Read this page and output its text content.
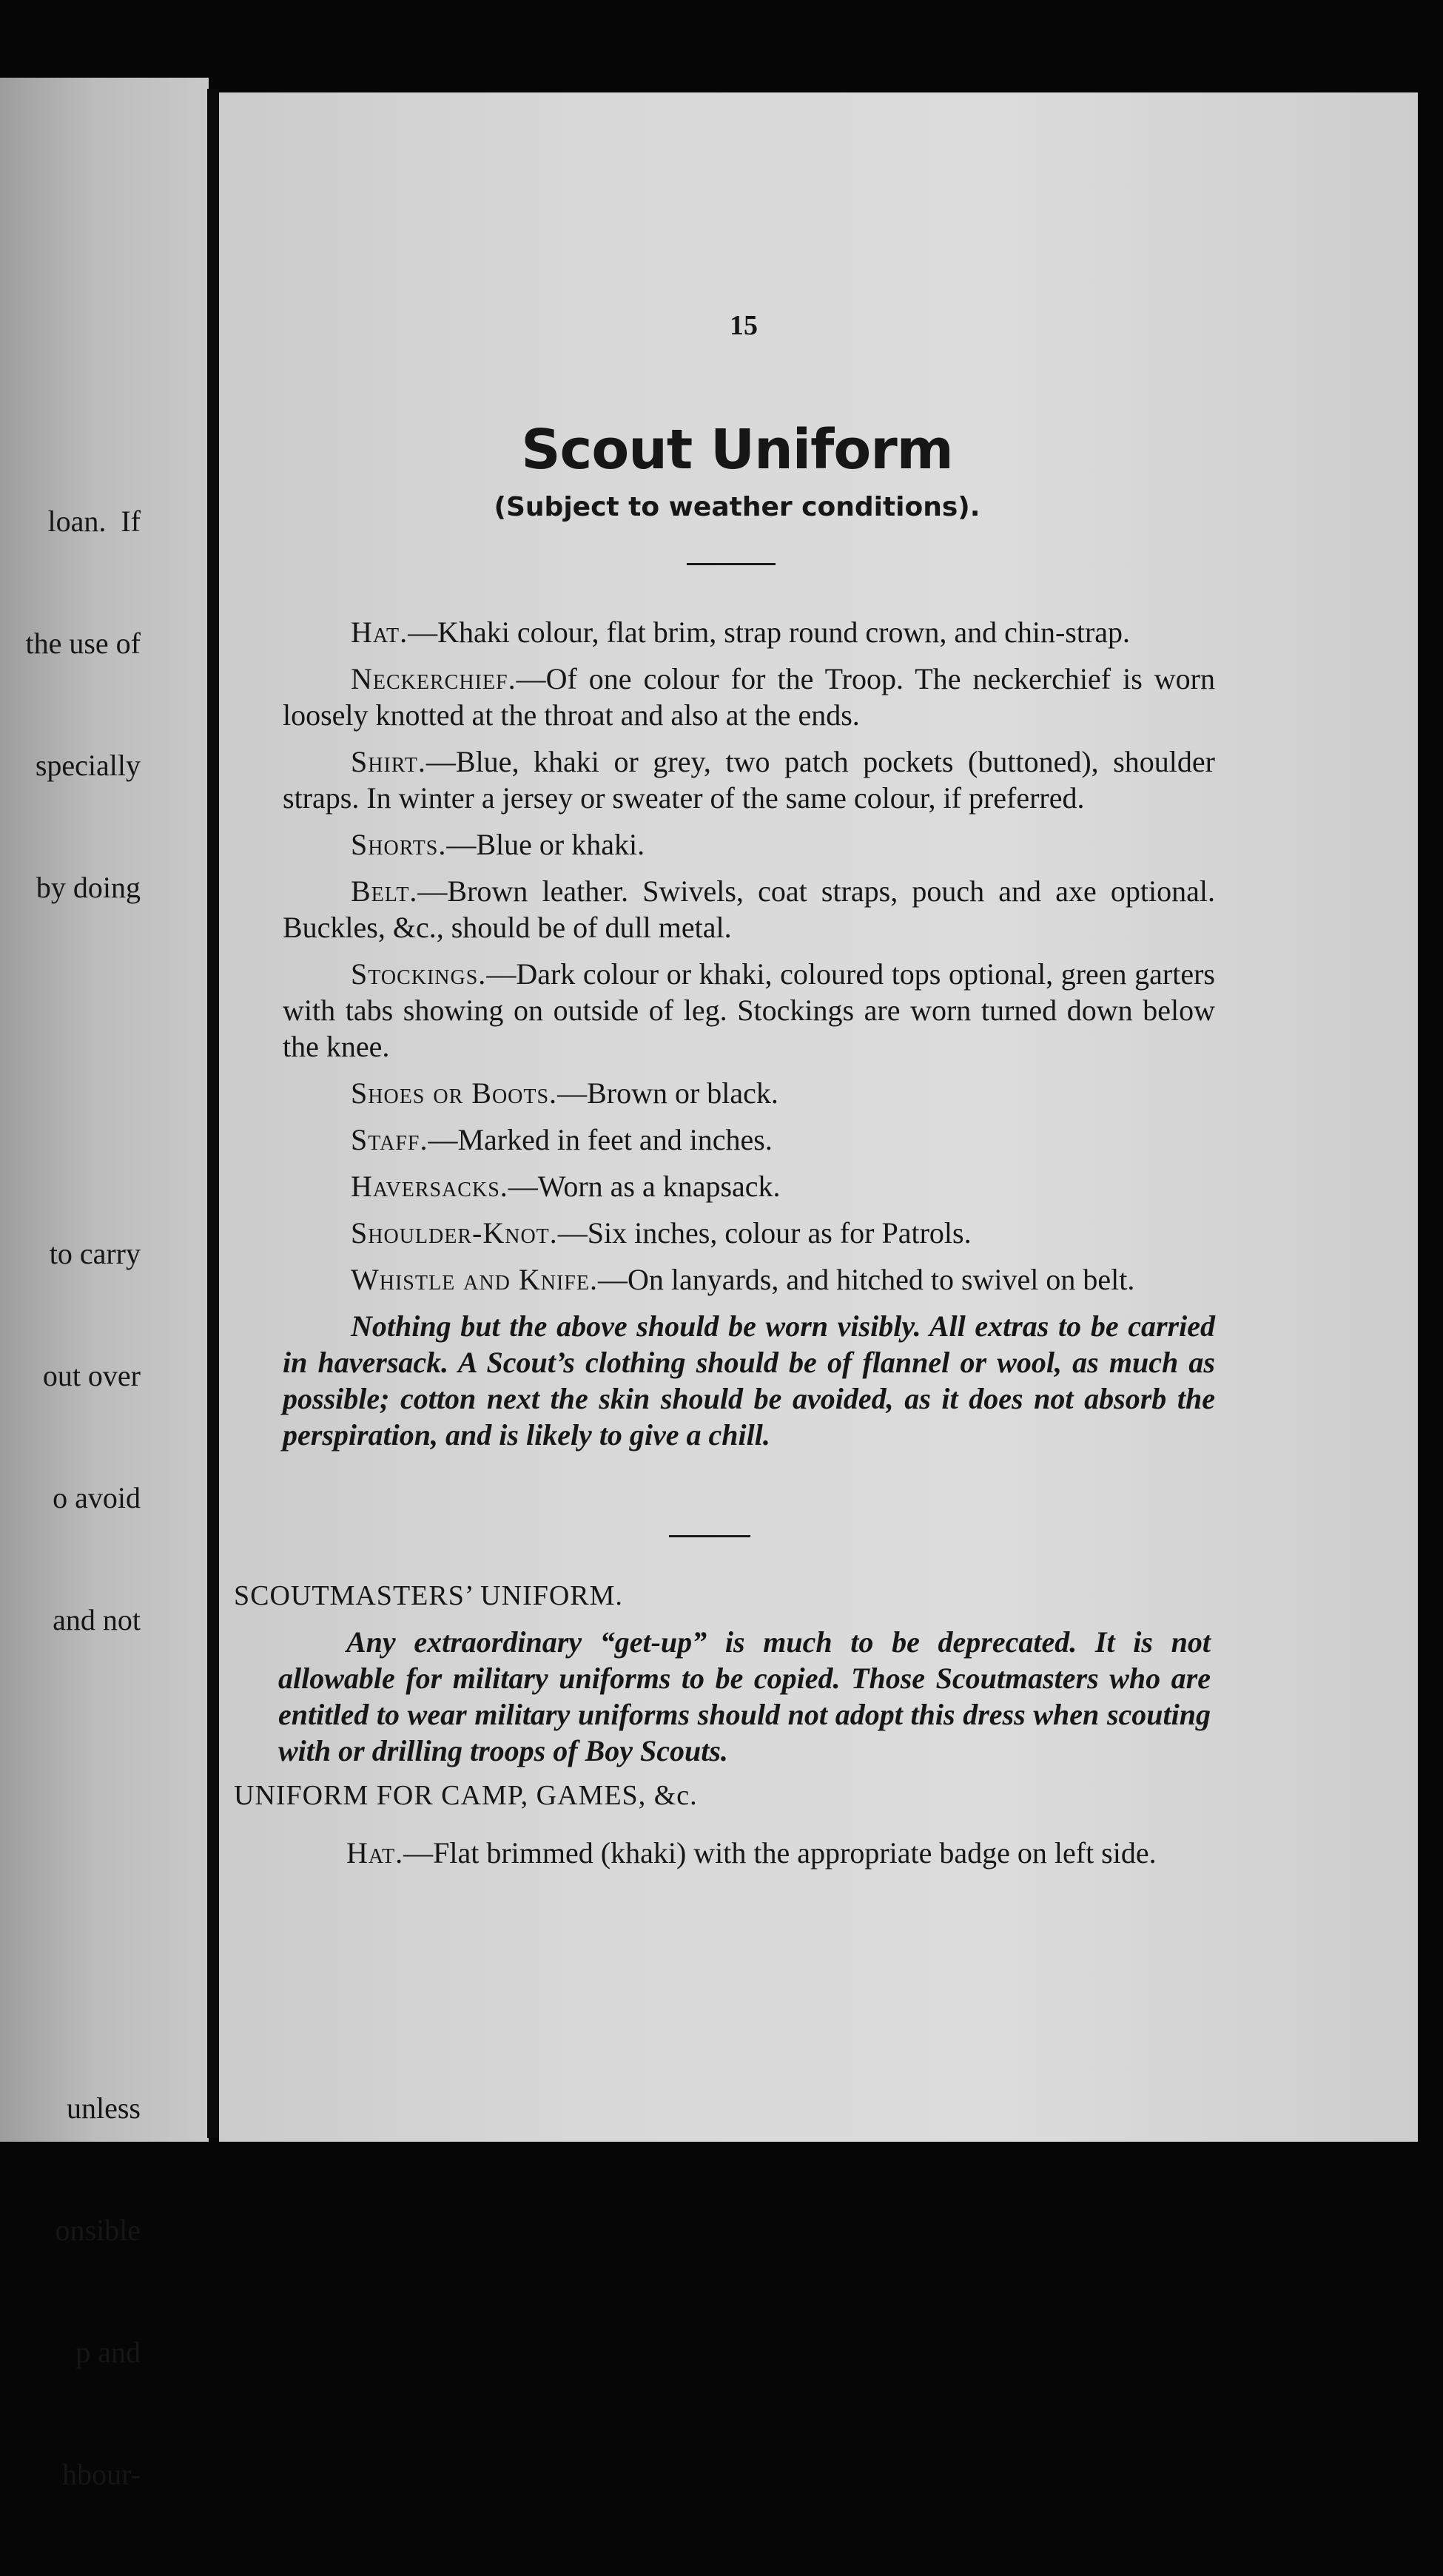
loan.  If

the use of

specially

by doing

to carry

out over

o avoid

and not

unless

onsible

p and

hbour-

15
Scout Uniform
(Subject to weather conditions).

Hat.—Khaki colour, flat brim, strap round crown, and chin-strap.

Neckerchief.—Of one colour for the Troop. The neckerchief is worn loosely knotted at the throat and also at the ends.

Shirt.—Blue, khaki or grey, two patch pockets (buttoned), shoulder straps. In winter a jersey or sweater of the same colour, if preferred.

Shorts.—Blue or khaki.

Belt.—Brown leather. Swivels, coat straps, pouch and axe optional. Buckles, &c., should be of dull metal.

Stockings.—Dark colour or khaki, coloured tops optional, green garters with tabs showing on outside of leg. Stockings are worn turned down below the knee.

Shoes or Boots.—Brown or black.

Staff.—Marked in feet and inches.

Haversacks.—Worn as a knapsack.

Shoulder-Knot.—Six inches, colour as for Patrols.

Whistle and Knife.—On lanyards, and hitched to swivel on belt.

Nothing but the above should be worn visibly. All extras to be carried in haversack. A Scout’s clothing should be of flannel or wool, as much as possible; cotton next the skin should be avoided, as it does not absorb the perspiration, and is likely to give a chill.

SCOUTMASTERS’ UNIFORM.

Any extraordinary “get-up” is much to be deprecated. It is not allowable for military uniforms to be copied. Those Scoutmasters who are entitled to wear military uniforms should not adopt this dress when scouting with or drilling troops of Boy Scouts.

UNIFORM FOR CAMP, GAMES, &c.

Hat.—Flat brimmed (khaki) with the appropriate badge on left side.
